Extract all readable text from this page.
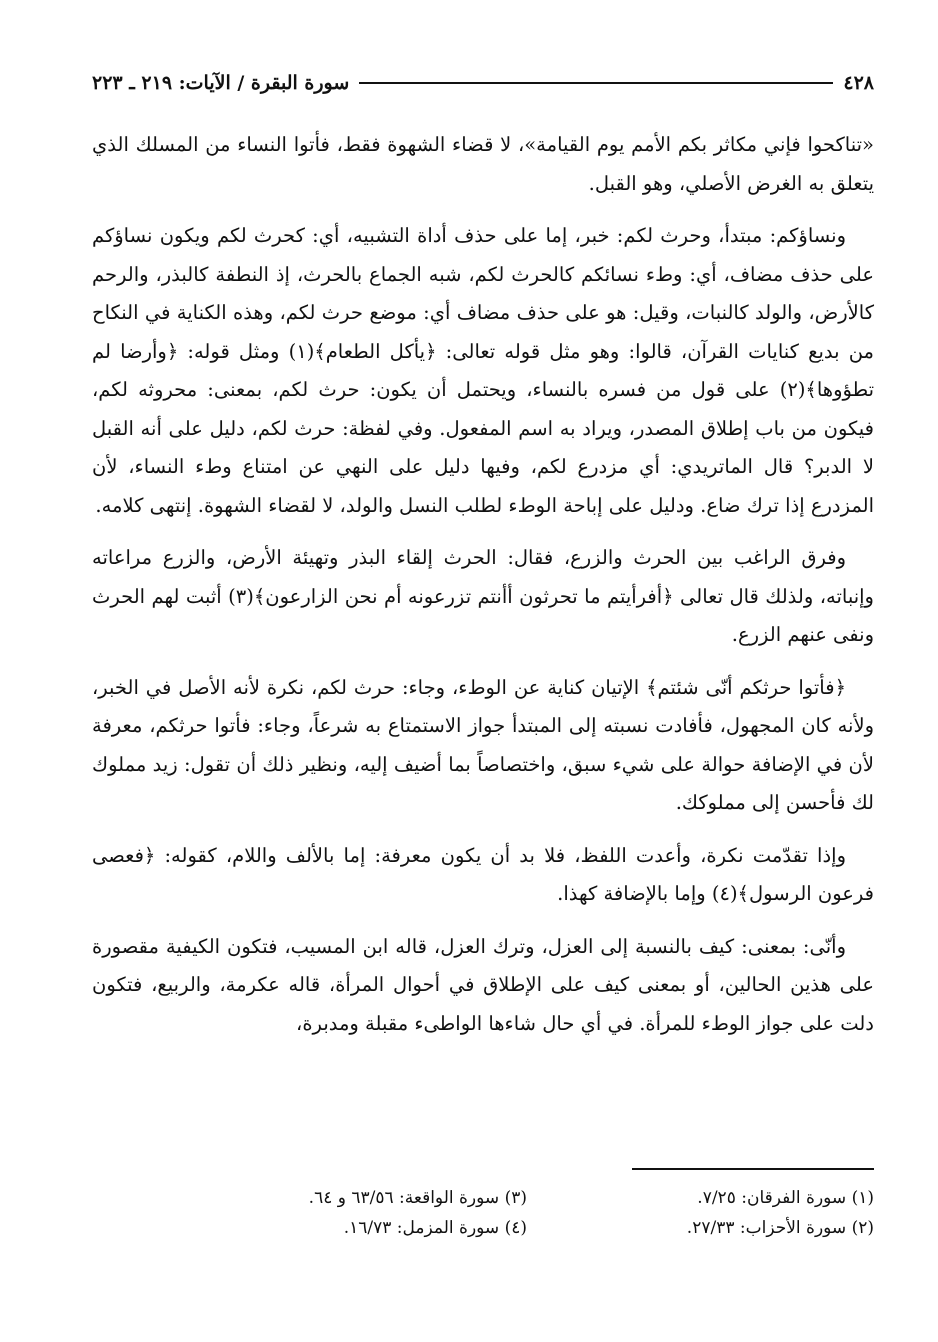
٤٢٨
سورة البقرة / الآيات: ٢١٩ ـ ٢٢٣

«تناكحوا فإني مكاثر بكم الأمم يوم القيامة»، لا قضاء الشهوة فقط، فأتوا النساء من المسلك الذي يتعلق به الغرض الأصلي، وهو القبل.

ونساؤكم: مبتدأ، وحرث لكم: خبر، إما على حذف أداة التشبيه، أي: كحرث لكم ويكون نساؤكم على حذف مضاف، أي: وطء نسائكم كالحرث لكم، شبه الجماع بالحرث، إذ النطفة كالبذر، والرحم كالأرض، والولد كالنبات، وقيل: هو على حذف مضاف أي: موضع حرث لكم، وهذه الكناية في النكاح من بديع كنايات القرآن، قالوا: وهو مثل قوله تعالى: ﴿يأكل الطعام﴾(١) ومثل قوله: ﴿وأرضا لم تطؤوها﴾(٢) على قول من فسره بالنساء، ويحتمل أن يكون: حرث لكم، بمعنى: محروثه لكم، فيكون من باب إطلاق المصدر، ويراد به اسم المفعول. وفي لفظة: حرث لكم، دليل على أنه القبل لا الدبر؟ قال الماتريدي: أي مزدرع لكم، وفيها دليل على النهي عن امتناع وطء النساء، لأن المزدرع إذا ترك ضاع. ودليل على إباحة الوطء لطلب النسل والولد، لا لقضاء الشهوة. إنتهى كلامه.

وفرق الراغب بين الحرث والزرع، فقال: الحرث إلقاء البذر وتهيئة الأرض، والزرع مراعاته وإنباته، ولذلك قال تعالى ﴿أفرأيتم ما تحرثون أأنتم تزرعونه أم نحن الزارعون﴾(٣) أثبت لهم الحرث ونفى عنهم الزرع.

﴿فأتوا حرثكم أنّى شئتم﴾ الإتيان كناية عن الوطء، وجاء: حرث لكم، نكرة لأنه الأصل في الخبر، ولأنه كان المجهول، فأفادت نسبته إلى المبتدأ جواز الاستمتاع به شرعاً، وجاء: فأتوا حرثكم، معرفة لأن في الإضافة حوالة على شيء سبق، واختصاصاً بما أضيف إليه، ونظير ذلك أن تقول: زيد مملوك لك فأحسن إلى مملوكك.

وإذا تقدّمت نكرة، وأعدت اللفظ، فلا بد أن يكون معرفة: إما بالألف واللام، كقوله: ﴿فعصى فرعون الرسول﴾(٤) وإما بالإضافة كهذا.

وأنّى: بمعنى: كيف بالنسبة إلى العزل، وترك العزل، قاله ابن المسيب، فتكون الكيفية مقصورة على هذين الحالين، أو بمعنى كيف على الإطلاق في أحوال المرأة، قاله عكرمة، والربيع، فتكون دلت على جواز الوطء للمرأة. في أي حال شاءها الواطىء مقبلة ومدبرة،

(١) سورة الفرقان: ٧/٢٥.
(٣) سورة الواقعة: ٦٣/٥٦ و ٦٤.
(٢) سورة الأحزاب: ٢٧/٣٣.
(٤) سورة المزمل: ١٦/٧٣.
